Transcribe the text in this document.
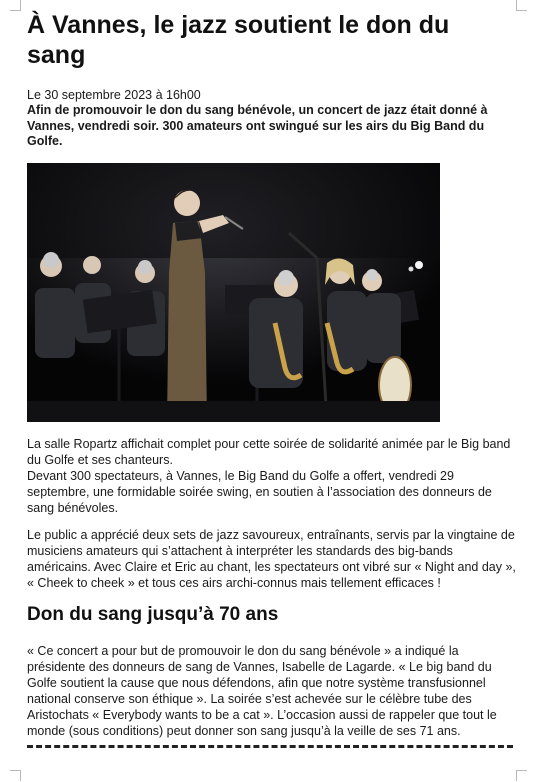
À Vannes, le jazz soutient le don du sang

Le 30 septembre 2023 à 16h00

Afin de promouvoir le don du sang bénévole, un concert de jazz était donné à Vannes, vendredi soir. 300 amateurs ont swingué sur les airs du Big Band du Golfe.

La salle Ropartz affichait complet pour cette soirée de solidarité animée par le Big band du Golfe et ses chanteurs.
Devant 300 spectateurs, à Vannes, le Big Band du Golfe a offert, vendredi 29 septembre, une formidable soirée swing, en soutien à l’association des donneurs de sang bénévoles.

Le public a apprécié deux sets de jazz savoureux, entraînants, servis par la vingtaine de musiciens amateurs qui s’attachent à interpréter les standards des big-bands américains. Avec Claire et Eric au chant, les spectateurs ont vibré sur « Night and day », « Cheek to cheek » et tous ces airs archi-connus mais tellement efficaces !

Don du sang jusqu’à 70 ans

« Ce concert a pour but de promouvoir le don du sang bénévole » a indiqué la présidente des donneurs de sang de Vannes, Isabelle de Lagarde. « Le big band du Golfe soutient la cause que nous défendons, afin que notre système transfusionnel national conserve son éthique ». La soirée s’est achevée sur le célèbre tube des Aristochats « Everybody wants to be a cat ». L’occasion aussi de rappeler que tout le monde (sous conditions) peut donner son sang jusqu’à la veille de ses 71 ans.
